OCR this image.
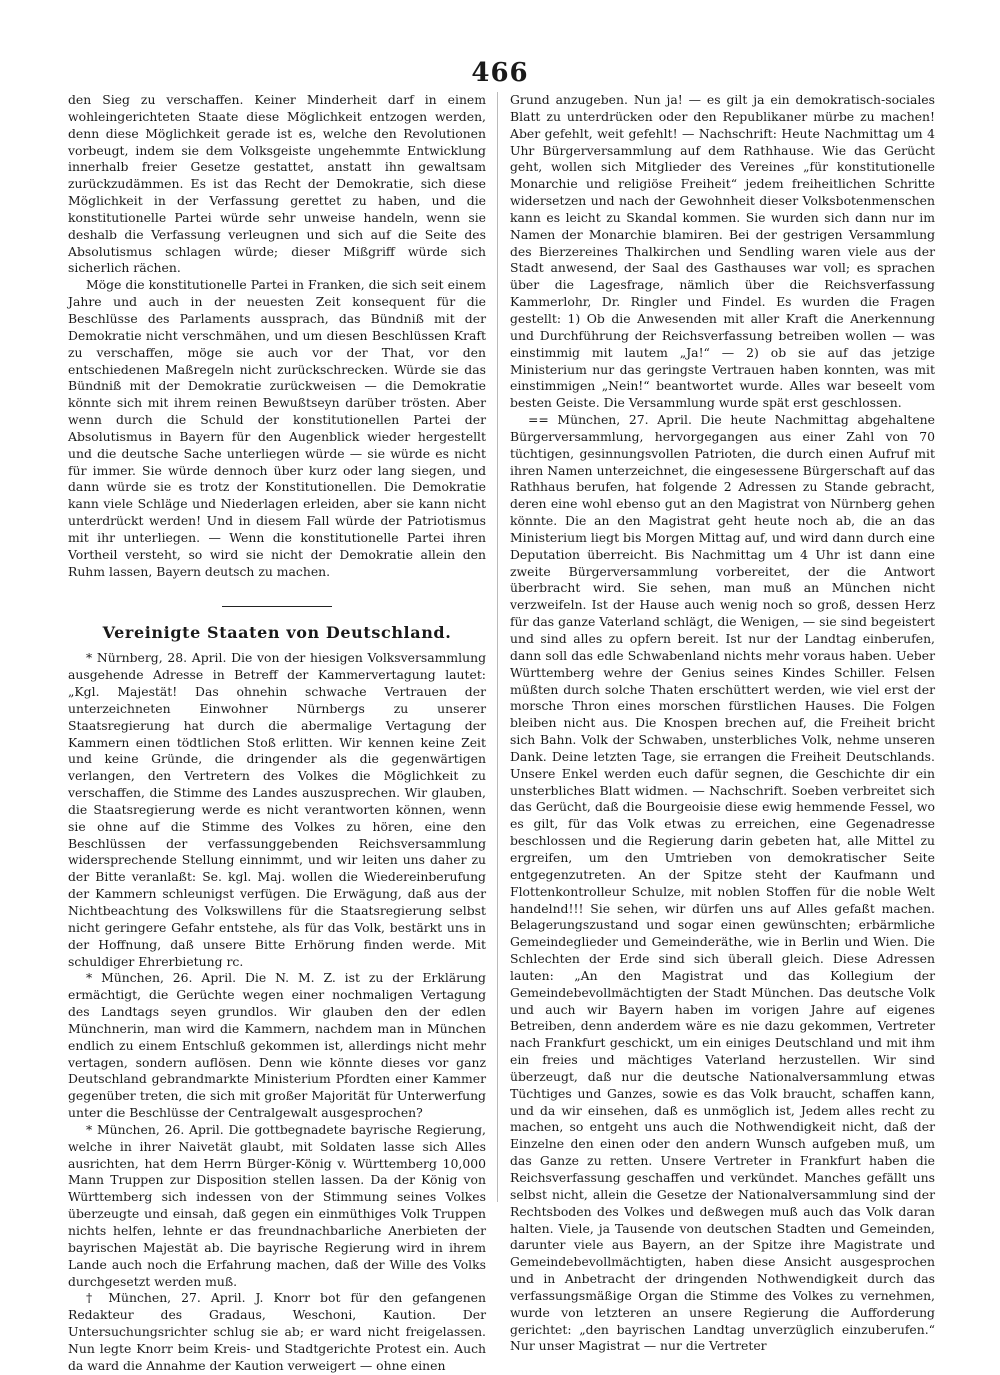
466

den Sieg zu verschaffen. Keiner Minderheit darf in einem wohleingerichteten Staate diese Möglichkeit entzogen werden, denn diese Möglichkeit gerade ist es, welche den Revolutionen vorbeugt, indem sie dem Volksgeiste ungehemmte Entwicklung innerhalb freier Gesetze gestattet, anstatt ihn gewaltsam zurückzudämmen. Es ist das Recht der Demokratie, sich diese Möglichkeit in der Verfassung gerettet zu haben, und die konstitutionelle Partei würde sehr unweise handeln, wenn sie deshalb die Verfassung verleugnen und sich auf die Seite des Absolutismus schlagen würde; dieser Mißgriff würde sich sicherlich rächen.

Möge die konstitutionelle Partei in Franken, die sich seit einem Jahre und auch in der neuesten Zeit konsequent für die Beschlüsse des Parlaments aussprach, das Bündniß mit der Demokratie nicht verschmähen, und um diesen Beschlüssen Kraft zu verschaffen, möge sie auch vor der That, vor den entschiedenen Maßregeln nicht zurückschrecken. Würde sie das Bündniß mit der Demokratie zurückweisen — die Demokratie könnte sich mit ihrem reinen Bewußtseyn darüber trösten. Aber wenn durch die Schuld der konstitutionellen Partei der Absolutismus in Bayern für den Augenblick wieder hergestellt und die deutsche Sache unterliegen würde — sie würde es nicht für immer. Sie würde dennoch über kurz oder lang siegen, und dann würde sie es trotz der Konstitutionellen. Die Demokratie kann viele Schläge und Niederlagen erleiden, aber sie kann nicht unterdrückt werden! Und in diesem Fall würde der Patriotismus mit ihr unterliegen. — Wenn die konstitutionelle Partei ihren Vortheil versteht, so wird sie nicht der Demokratie allein den Ruhm lassen, Bayern deutsch zu machen.

Vereinigte Staaten von Deutschland.

* Nürnberg, 28. April. Die von der hiesigen Volksversammlung ausgehende Adresse in Betreff der Kammervertagung lautet: „Kgl. Majestät! Das ohnehin schwache Vertrauen der unterzeichneten Einwohner Nürnbergs zu unserer Staatsregierung hat durch die abermalige Vertagung der Kammern einen tödtlichen Stoß erlitten. Wir kennen keine Zeit und keine Gründe, die dringender als die gegenwärtigen verlangen, den Vertretern des Volkes die Möglichkeit zu verschaffen, die Stimme des Landes auszusprechen. Wir glauben, die Staatsregierung werde es nicht verantworten können, wenn sie ohne auf die Stimme des Volkes zu hören, eine den Beschlüssen der verfassunggebenden Reichsversammlung widersprechende Stellung einnimmt, und wir leiten uns daher zu der Bitte veranlaßt: Se. kgl. Maj. wollen die Wiedereinberufung der Kammern schleunigst verfügen. Die Erwägung, daß aus der Nichtbeachtung des Volkswillens für die Staatsregierung selbst nicht geringere Gefahr entstehe, als für das Volk, bestärkt uns in der Hoffnung, daß unsere Bitte Erhörung finden werde. Mit schuldiger Ehrerbietung rc.

* München, 26. April. Die N. M. Z. ist zu der Erklärung ermächtigt, die Gerüchte wegen einer nochmaligen Vertagung des Landtags seyen grundlos. Wir glauben den der edlen Münchnerin, man wird die Kammern, nachdem man in München endlich zu einem Entschluß gekommen ist, allerdings nicht mehr vertagen, sondern auflösen. Denn wie könnte dieses vor ganz Deutschland gebrandmarkte Ministerium Pfordten einer Kammer gegenüber treten, die sich mit großer Majorität für Unterwerfung unter die Beschlüsse der Centralgewalt ausgesprochen?

* München, 26. April. Die gottbegnadete bayrische Regierung, welche in ihrer Naivetät glaubt, mit Soldaten lasse sich Alles ausrichten, hat dem Herrn Bürger-König v. Württemberg 10,000 Mann Truppen zur Disposition stellen lassen. Da der König von Württemberg sich indessen von der Stimmung seines Volkes überzeugte und einsah, daß gegen ein einmüthiges Volk Truppen nichts helfen, lehnte er das freundnachbarliche Anerbieten der bayrischen Majestät ab. Die bayrische Regierung wird in ihrem Lande auch noch die Erfahrung machen, daß der Wille des Volks durchgesetzt werden muß.

† München, 27. April. J. Knorr bot für den gefangenen Redakteur des Gradaus, Weschoni, Kaution. Der Untersuchungsrichter schlug sie ab; er ward nicht freigelassen. Nun legte Knorr beim Kreis- und Stadtgerichte Protest ein. Auch da ward die Annahme der Kaution verweigert — ohne einen

Grund anzugeben. Nun ja! — es gilt ja ein demokratisch-sociales Blatt zu unterdrücken oder den Republikaner mürbe zu machen! Aber gefehlt, weit gefehlt! — Nachschrift: Heute Nachmittag um 4 Uhr Bürgerversammlung auf dem Rathhause. Wie das Gerücht geht, wollen sich Mitglieder des Vereines „für konstitutionelle Monarchie und religiöse Freiheit“ jedem freiheitlichen Schritte widersetzen und nach der Gewohnheit dieser Volksbotenmenschen kann es leicht zu Skandal kommen. Sie wurden sich dann nur im Namen der Monarchie blamiren. Bei der gestrigen Versammlung des Bierzereines Thalkirchen und Sendling waren viele aus der Stadt anwesend, der Saal des Gasthauses war voll; es sprachen über die Lagesfrage, nämlich über die Reichsverfassung Kammerlohr, Dr. Ringler und Findel. Es wurden die Fragen gestellt: 1) Ob die Anwesenden mit aller Kraft die Anerkennung und Durchführung der Reichsverfassung betreiben wollen — was einstimmig mit lautem „Ja!“ — 2) ob sie auf das jetzige Ministerium nur das geringste Vertrauen haben konnten, was mit einstimmigen „Nein!“ beantwortet wurde. Alles war beseelt vom besten Geiste. Die Versammlung wurde spät erst geschlossen.

== München, 27. April. Die heute Nachmittag abgehaltene Bürgerversammlung, hervorgegangen aus einer Zahl von 70 tüchtigen, gesinnungsvollen Patrioten, die durch einen Aufruf mit ihren Namen unterzeichnet, die eingesessene Bürgerschaft auf das Rathhaus berufen, hat folgende 2 Adressen zu Stande gebracht, deren eine wohl ebenso gut an den Magistrat von Nürnberg gehen könnte. Die an den Magistrat geht heute noch ab, die an das Ministerium liegt bis Morgen Mittag auf, und wird dann durch eine Deputation überreicht. Bis Nachmittag um 4 Uhr ist dann eine zweite Bürgerversammlung vorbereitet, der die Antwort überbracht wird. Sie sehen, man muß an München nicht verzweifeln. Ist der Hause auch wenig noch so groß, dessen Herz für das ganze Vaterland schlägt, die Wenigen, — sie sind begeistert und sind alles zu opfern bereit. Ist nur der Landtag einberufen, dann soll das edle Schwabenland nichts mehr voraus haben. Ueber Württemberg wehre der Genius seines Kindes Schiller. Felsen müßten durch solche Thaten erschüttert werden, wie viel erst der morsche Thron eines morschen fürstlichen Hauses. Die Folgen bleiben nicht aus. Die Knospen brechen auf, die Freiheit bricht sich Bahn. Volk der Schwaben, unsterbliches Volk, nehme unseren Dank. Deine letzten Tage, sie errangen die Freiheit Deutschlands. Unsere Enkel werden euch dafür segnen, die Geschichte dir ein unsterbliches Blatt widmen. — Nachschrift. Soeben verbreitet sich das Gerücht, daß die Bourgeoisie diese ewig hemmende Fessel, wo es gilt, für das Volk etwas zu erreichen, eine Gegenadresse beschlossen und die Regierung darin gebeten hat, alle Mittel zu ergreifen, um den Umtrieben von demokratischer Seite entgegenzutreten. An der Spitze steht der Kaufmann und Flottenkontrolleur Schulze, mit noblen Stoffen für die noble Welt handelnd!!! Sie sehen, wir dürfen uns auf Alles gefaßt machen. Belagerungszustand und sogar einen gewünschten; erbärmliche Gemeindeglieder und Gemeinderäthe, wie in Berlin und Wien. Die Schlechten der Erde sind sich überall gleich. Diese Adressen lauten: „An den Magistrat und das Kollegium der Gemeindebevollmächtigten der Stadt München. Das deutsche Volk und auch wir Bayern haben im vorigen Jahre auf eigenes Betreiben, denn anderdem wäre es nie dazu gekommen, Vertreter nach Frankfurt geschickt, um ein einiges Deutschland und mit ihm ein freies und mächtiges Vaterland herzustellen. Wir sind überzeugt, daß nur die deutsche Nationalversammlung etwas Tüchtiges und Ganzes, sowie es das Volk braucht, schaffen kann, und da wir einsehen, daß es unmöglich ist, Jedem alles recht zu machen, so entgeht uns auch die Nothwendigkeit nicht, daß der Einzelne den einen oder den andern Wunsch aufgeben muß, um das Ganze zu retten. Unsere Vertreter in Frankfurt haben die Reichsverfassung geschaffen und verkündet. Manches gefällt uns selbst nicht, allein die Gesetze der Nationalversammlung sind der Rechtsboden des Volkes und deßwegen muß auch das Volk daran halten. Viele, ja Tausende von deutschen Stadten und Gemeinden, darunter viele aus Bayern, an der Spitze ihre Magistrate und Gemeindebevollmächtigten, haben diese Ansicht ausgesprochen und in Anbetracht der dringenden Nothwendigkeit durch das verfassungsmäßige Organ die Stimme des Volkes zu vernehmen, wurde von letzteren an unsere Regierung die Aufforderung gerichtet: „den bayrischen Landtag unverzüglich einzuberufen.“ Nur unser Magistrat — nur die Vertreter
